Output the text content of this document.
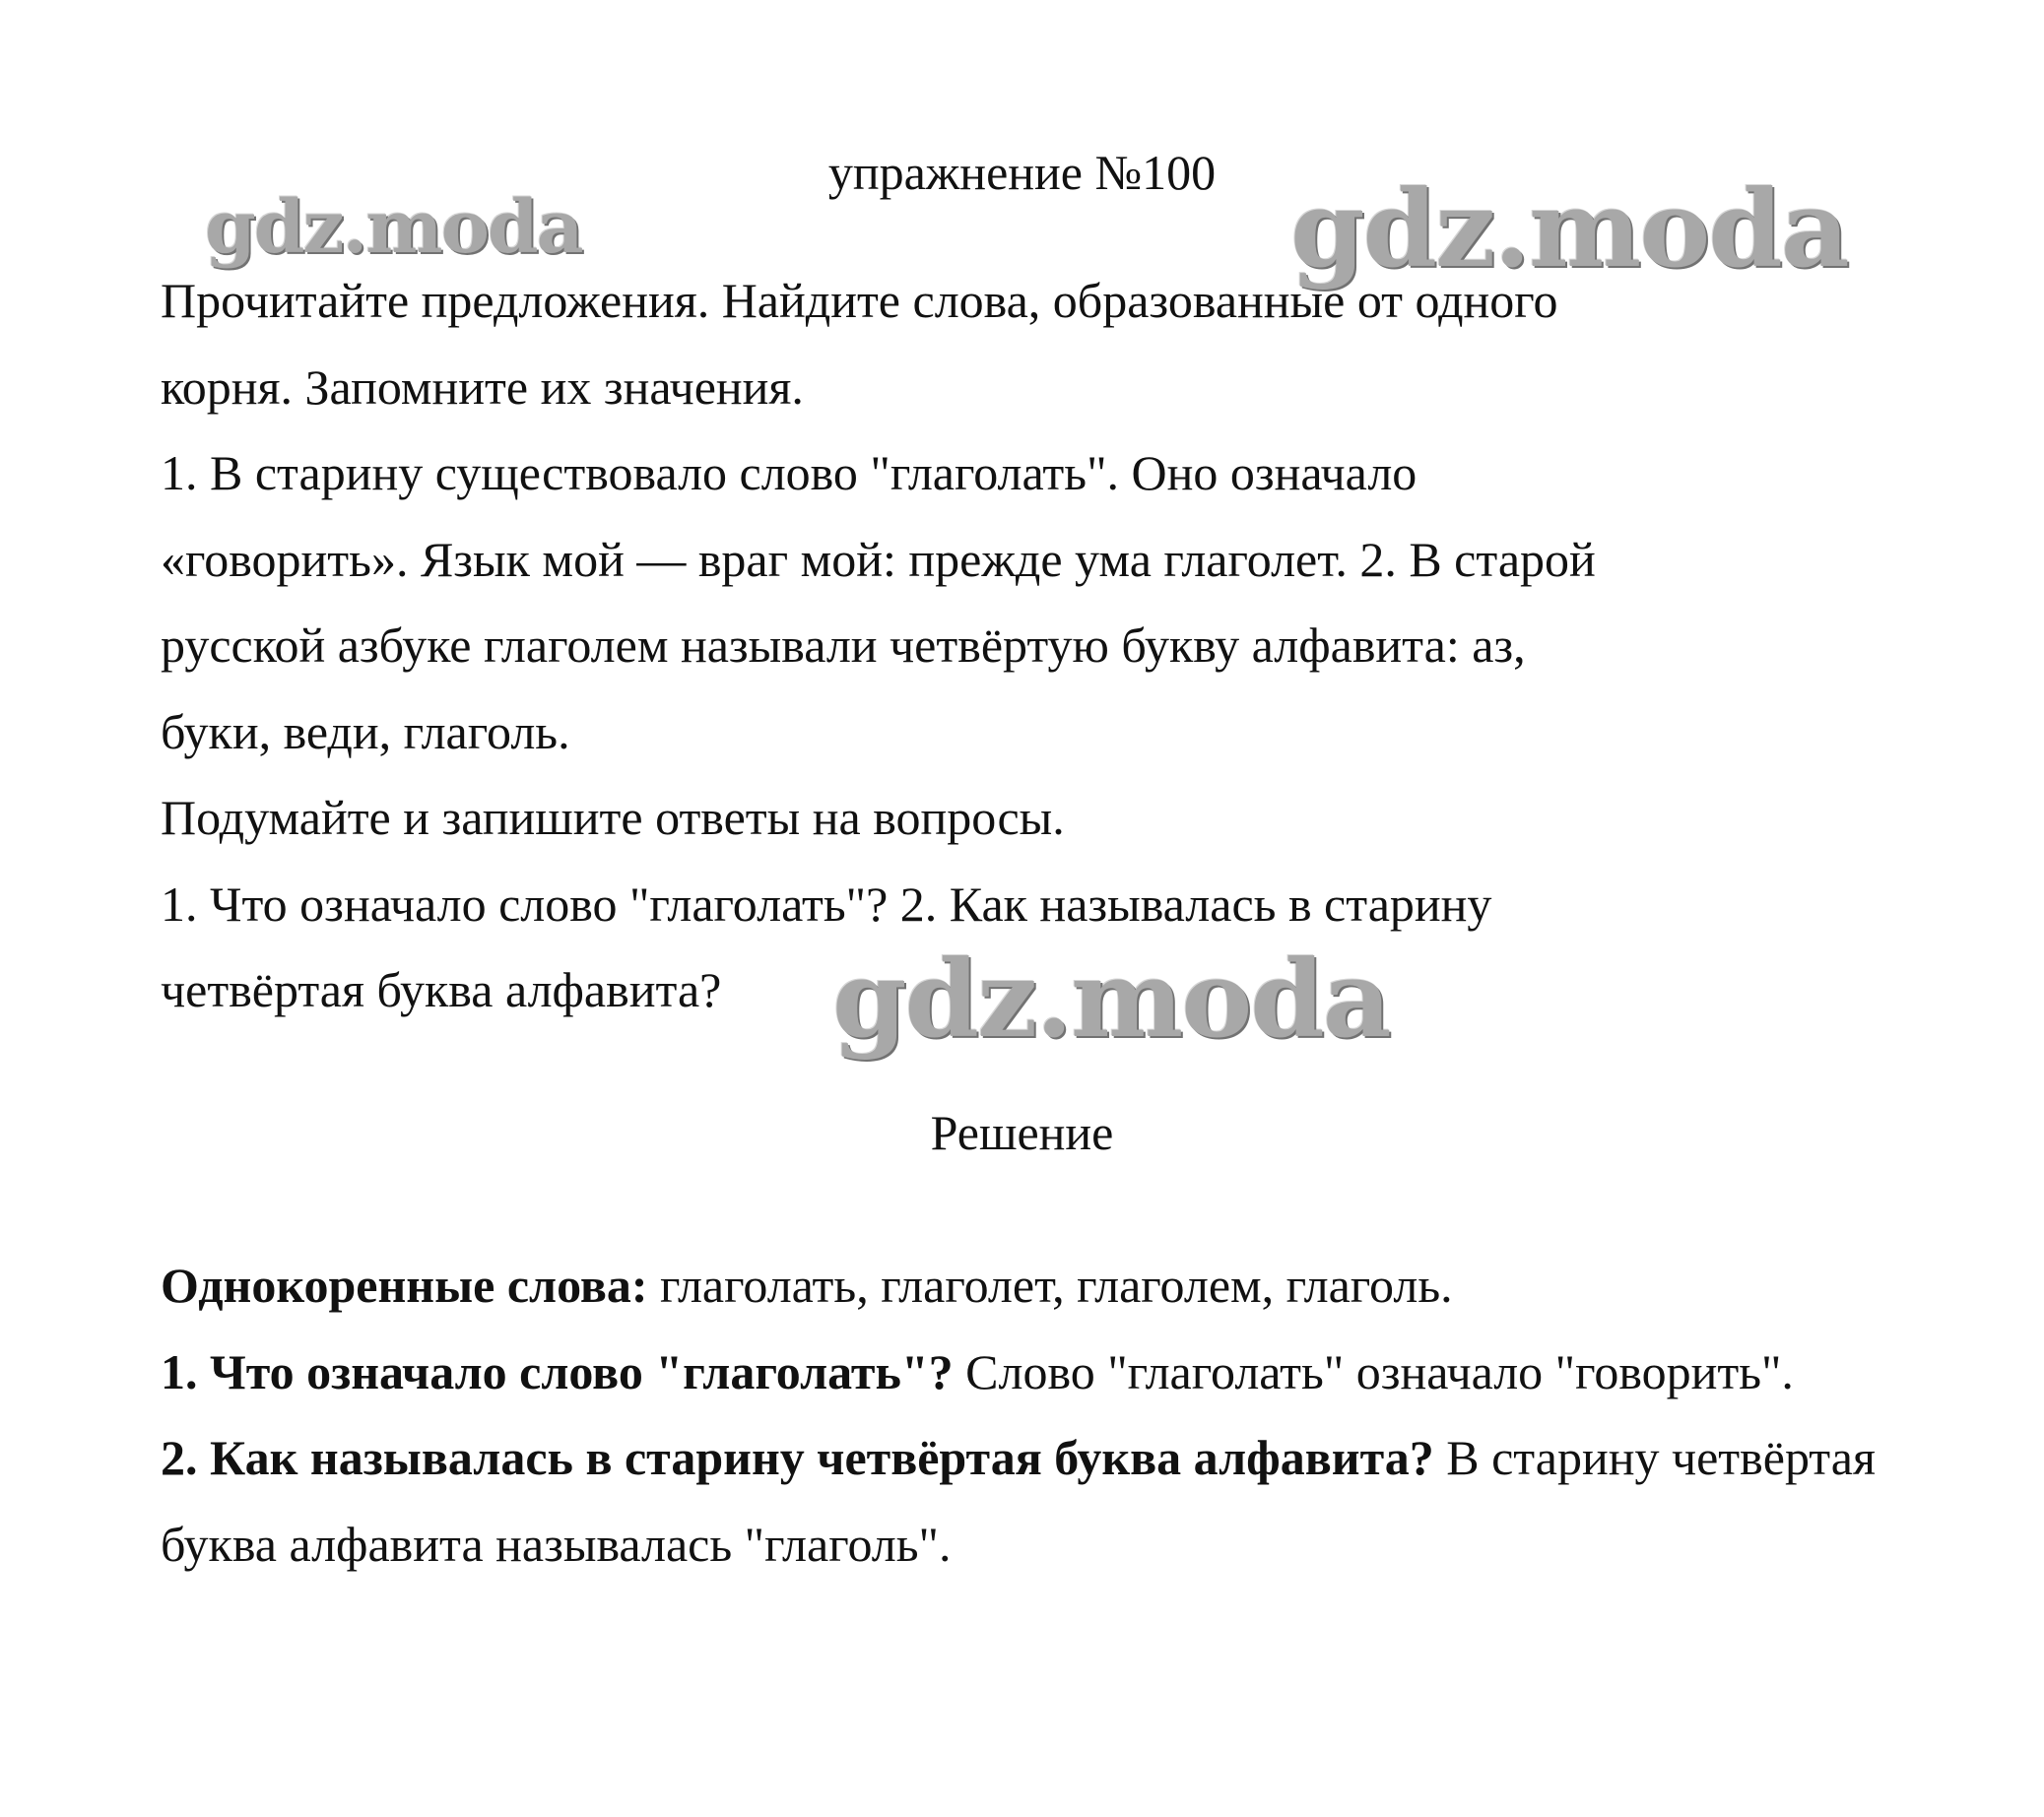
упражнение №100

Прочитайте предложения. Найдите слова, образованные от одного

корня. Запомните их значения.

1. В старину существовало слово "глаголать". Оно означало

«говорить». Язык мой — враг мой: прежде ума глаголет. 2. В старой

русской азбуке глаголем называли четвёртую букву алфавита: аз,

буки, веди, глаголь.

Подумайте и запишите ответы на вопросы.

1. Что означало слово "глаголать"? 2. Как называлась в старину

четвёртая буква алфавита?

Решение

Однокоренные слова: глаголать, глаголет, глаголем, глаголь.

1. Что означало слово "глаголать"? Слово "глаголать" означало "говорить".

2. Как называлась в старину четвёртая буква алфавита? В старину четвёртая буква алфавита называлась "глаголь".

gdz.moda	gdz.moda
gdz.moda
